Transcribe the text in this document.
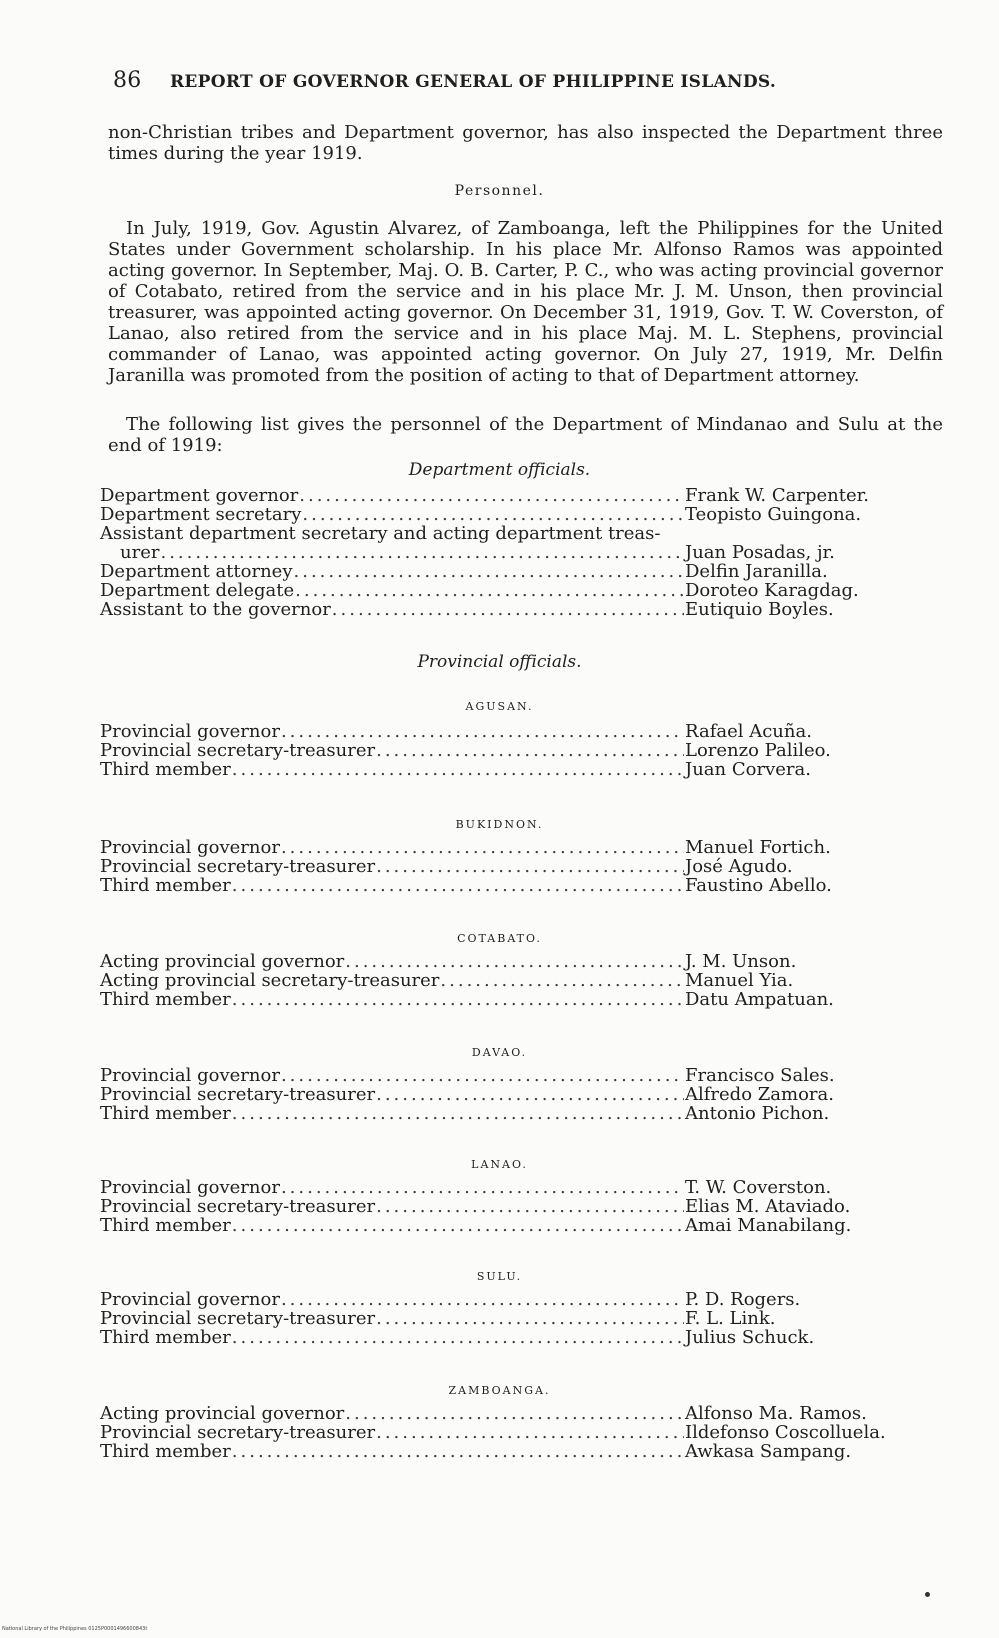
86 REPORT OF GOVERNOR GENERAL OF PHILIPPINE ISLANDS.
non-Christian tribes and Department governor, has also inspected the Department three times during the year 1919.
Personnel.
In July, 1919, Gov. Agustin Alvarez, of Zamboanga, left the Philippines for the United States under Government scholarship. In his place Mr. Alfonso Ramos was appointed acting governor. In September, Maj. O. B. Carter, P. C., who was acting provincial governor of Cotabato, retired from the service and in his place Mr. J. M. Unson, then provincial treasurer, was appointed acting governor. On December 31, 1919, Gov. T. W. Coverston, of Lanao, also retired from the service and in his place Maj. M. L. Stephens, provincial commander of Lanao, was appointed acting governor. On July 27, 1919, Mr. Delfin Jaranilla was promoted from the position of acting to that of Department attorney.
The following list gives the personnel of the Department of Mindanao and Sulu at the end of 1919:
Department officials.
Department governor .....	Frank W. Carpenter.
Department secretary .....	Teopisto Guingona.
Assistant department secretary and acting department treas-
urer .....	Juan Posadas, jr.
Department attorney .....	Delfin Jaranilla.
Department delegate .....	Doroteo Karagdag.
Assistant to the governor .....	Eutiquio Boyles.
Provincial officials.
AGUSAN.
Provincial governor .....	Rafael Acuña.
Provincial secretary-treasurer .....	Lorenzo Palileo.
Third member .....	Juan Corvera.
BUKIDNON.
Provincial governor .....	Manuel Fortich.
Provincial secretary-treasurer .....	José Agudo.
Third member .....	Faustino Abello.
COTABATO.
Acting provincial governor .....	J. M. Unson.
Acting provincial secretary-treasurer .....	Manuel Yia.
Third member .....	Datu Ampatuan.
DAVAO.
Provincial governor .....	Francisco Sales.
Provincial secretary-treasurer .....	Alfredo Zamora.
Third member .....	Antonio Pichon.
LANAO.
Provincial governor .....	T. W. Coverston.
Provincial secretary-treasurer .....	Elias M. Ataviado.
Third member .....	Amai Manabilang.
SULU.
Provincial governor .....	P. D. Rogers.
Provincial secretary-treasurer .....	F. L. Link.
Third member .....	Julius Schuck.
ZAMBOANGA.
Acting provincial governor .....	Alfonso Ma. Ramos.
Provincial secretary-treasurer .....	Ildefonso Coscolluela.
Third member .....	Awkasa Sampang.
National Library of the Philippines 0125P0001496600843t
